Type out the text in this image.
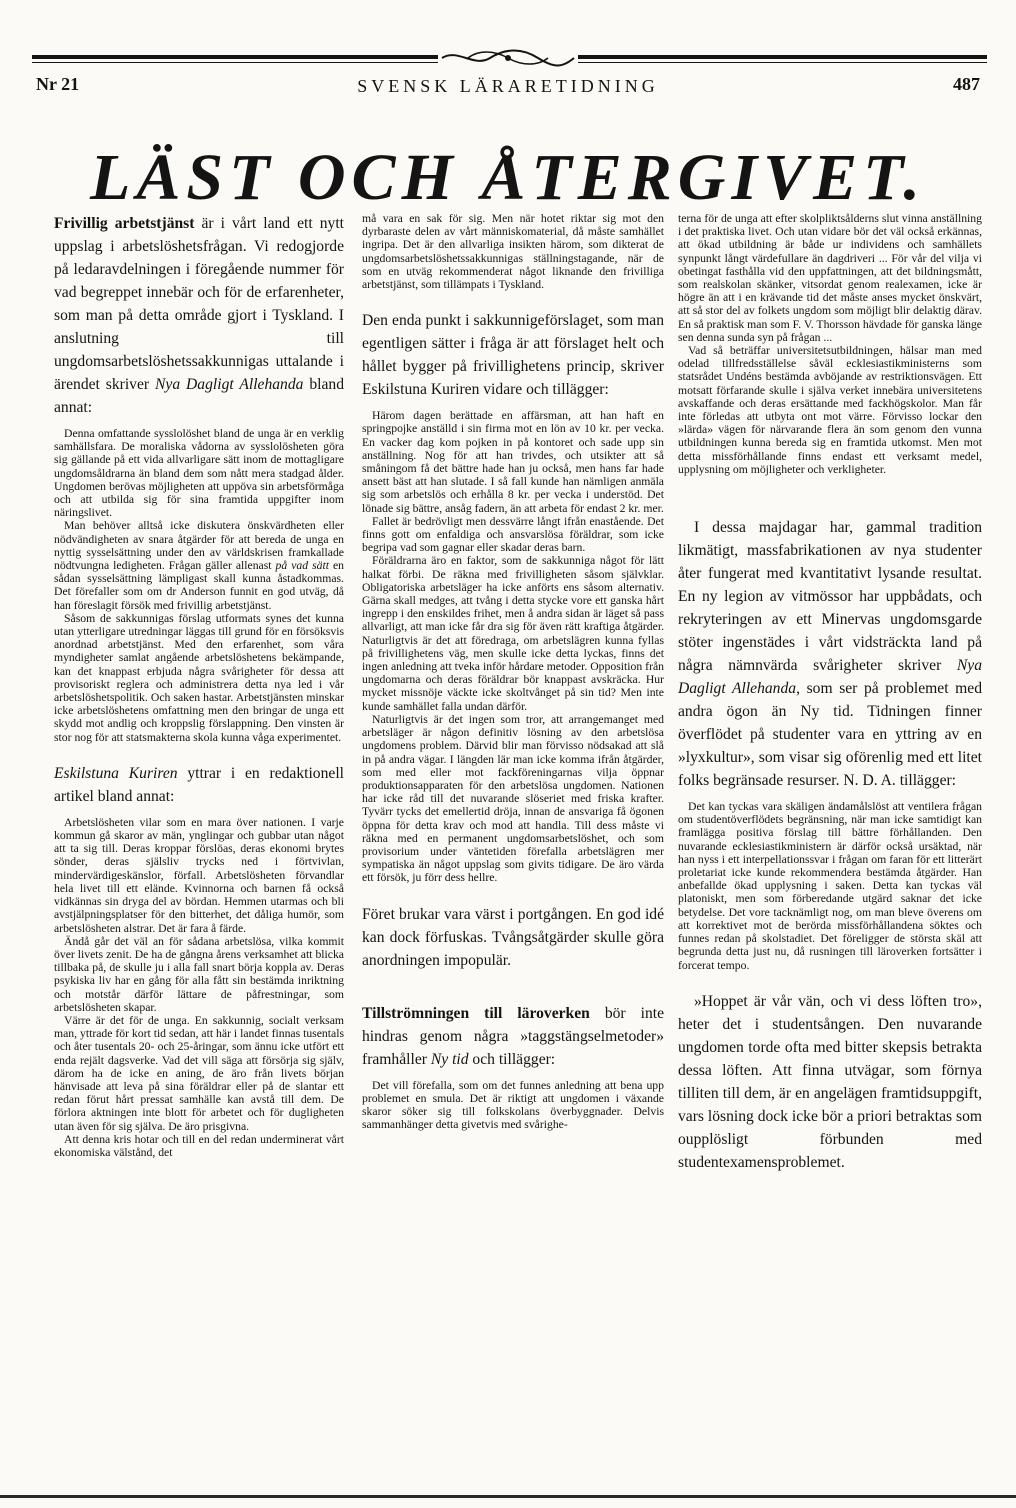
Nr 21	SVENSK LÄRARETIDNING	487
LÄST OCH ÅTERGIVET.

Frivillig arbetstjänst är i vårt land ett nytt uppslag i arbetslöshetsfrågan. Vi redogjorde på ledaravdelningen i föregående nummer för vad begreppet innebär och för de erfarenheter, som man på detta område gjort i Tyskland. I anslutning till ungdomsarbetslöshetssakkunnigas uttalande i ärendet skriver Nya Dagligt Allehanda bland annat:

Denna omfattande sysslolöshet bland de unga är en verklig samhällsfara. De moraliska vådorna av sysslolösheten göra sig gällande på ett vida allvarligare sätt inom de mottagligare ungdomsåldrarna än bland dem som nått mera stadgad ålder. Ungdomen berövas möjligheten att uppöva sin arbetsförmåga och att utbilda sig för sina framtida uppgifter inom näringslivet.

Man behöver alltså icke diskutera önskvärdheten eller nödvändigheten av snara åtgärder för att bereda de unga en nyttig sysselsättning under den av världskrisen framkallade nödtvungna ledigheten. Frågan gäller allenast på vad sätt en sådan sysselsättning lämpligast skall kunna åstadkommas. Det förefaller som om dr Anderson funnit en god utväg, då han föreslagit försök med frivillig arbetstjänst.

Såsom de sakkunnigas förslag utformats synes det kunna utan ytterligare utredningar läggas till grund för en försöksvis anordnad arbetstjänst. Med den erfarenhet, som våra myndigheter samlat angående arbetslöshetens bekämpande, kan det knappast erbjuda några svårigheter för dessa att provisoriskt reglera och administrera detta nya led i vår arbetslöshetspolitik. Och saken hastar. Arbetstjänsten minskar icke arbetslöshetens omfattning men den bringar de unga ett skydd mot andlig och kroppslig förslappning. Den vinsten är stor nog för att statsmakterna skola kunna våga experimentet.

Eskilstuna Kuriren yttrar i en redaktionell artikel bland annat:

Arbetslösheten vilar som en mara över nationen. I varje kommun gå skaror av män, ynglingar och gubbar utan något att ta sig till. Deras kroppar förslöas, deras ekonomi brytes sönder, deras själsliv trycks ned i förtvivlan, mindervärdigeskänslor, förfall. Arbetslösheten förvandlar hela livet till ett elände. Kvinnorna och barnen få också vidkännas sin dryga del av bördan. Hemmen utarmas och bli avstjälpningsplatser för den bitterhet, det dåliga humör, som arbetslösheten alstrar. Det är fara å färde.

Ändå går det väl an för sådana arbetslösa, vilka kommit över livets zenit. De ha de gångna årens verksamhet att blicka tillbaka på, de skulle ju i alla fall snart börja koppla av. Deras psykiska liv har en gång för alla fått sin bestämda inriktning och motstår därför lättare de påfrestningar, som arbetslösheten skapar.

Värre är det för de unga. En sakkunnig, socialt verksam man, yttrade för kort tid sedan, att här i landet finnas tusentals och åter tusentals 20- och 25-åringar, som ännu icke utfört ett enda rejält dagsverke. Vad det vill säga att försörja sig själv, därom ha de icke en aning, de äro från livets början hänvisade att leva på sina föräldrar eller på de slantar ett redan förut hårt pressat samhälle kan avstå till dem. De förlora aktningen inte blott för arbetet och för dugligheten utan även för sig själva. De äro prisgivna.

Att denna kris hotar och till en del redan underminerat vårt ekonomiska välstånd, det

må vara en sak för sig. Men när hotet riktar sig mot den dyrbaraste delen av vårt människomaterial, då måste samhället ingripa. Det är den allvarliga insikten härom, som dikterat de ungdomsarbetslöshetssakkunnigas ställningstagande, när de som en utväg rekommenderat något liknande den frivilliga arbetstjänst, som tillämpats i Tyskland.

Den enda punkt i sakkunnigeförslaget, som man egentligen sätter i fråga är att förslaget helt och hållet bygger på frivillighetens princip, skriver Eskilstuna Kuriren vidare och tillägger:

Härom dagen berättade en affärsman, att han haft en springpojke anställd i sin firma mot en lön av 10 kr. per vecka. En vacker dag kom pojken in på kontoret och sade upp sin anställning. Nog för att han trivdes, och utsikter att så småningom få det bättre hade han ju också, men hans far hade ansett bäst att han slutade. I så fall kunde han nämligen anmäla sig som arbetslös och erhålla 8 kr. per vecka i understöd. Det lönade sig bättre, ansåg fadern, än att arbeta för endast 2 kr. mer.

Fallet är bedrövligt men dessvärre långt ifrån enastående. Det finns gott om enfaldiga och ansvarslösa föräldrar, som icke begripa vad som gagnar eller skadar deras barn.

Föräldrarna äro en faktor, som de sakkunniga något för lätt halkat förbi. De räkna med frivilligheten såsom självklar. Obligatoriska arbetsläger ha icke anförts ens såsom alternativ. Gärna skall medges, att tvång i detta stycke vore ett ganska hårt ingrepp i den enskildes frihet, men å andra sidan är läget så pass allvarligt, att man icke får dra sig för även rätt kraftiga åtgärder. Naturligtvis är det att föredraga, om arbetslägren kunna fyllas på frivillighetens väg, men skulle icke detta lyckas, finns det ingen anledning att tveka inför hårdare metoder. Opposition från ungdomarna och deras föräldrar bör knappast avskräcka. Hur mycket missnöje väckte icke skoltvånget på sin tid? Men inte kunde samhället falla undan därför.

Naturligtvis är det ingen som tror, att arrangemanget med arbetsläger är någon definitiv lösning av den arbetslösa ungdomens problem. Därvid blir man förvisso nödsakad att slå in på andra vägar. I längden lär man icke komma ifrån åtgärder, som med eller mot fackföreningarnas vilja öppnar produktionsapparaten för den arbetslösa ungdomen. Nationen har icke råd till det nuvarande slöseriet med friska krafter. Tyvärr tycks det emellertid dröja, innan de ansvariga få ögonen öppna för detta krav och mod att handla. Till dess måste vi räkna med en permanent ungdomsarbetslöshet, och som provisorium under väntetiden förefalla arbetslägren mer sympatiska än något uppslag som givits tidigare. De äro värda ett försök, ju förr dess hellre.

Föret brukar vara värst i portgången. En god idé kan dock förfuskas. Tvångsåtgärder skulle göra anordningen impopulär.

Tillströmningen till läroverken bör inte hindras genom några »taggstängselmetoder» framhåller Ny tid och tillägger:

Det vill förefalla, som om det funnes anledning att bena upp problemet en smula. Det är riktigt att ungdomen i växande skaror söker sig till folkskolans överbyggnader. Delvis sammanhänger detta givetvis med svårighe-

terna för de unga att efter skolpliktsålderns slut vinna anställning i det praktiska livet. Och utan vidare bör det väl också erkännas, att ökad utbildning är både ur individens och samhällets synpunkt långt värdefullare än dagdriveri ... För vår del vilja vi obetingat fasthålla vid den uppfattningen, att det bildningsmått, som realskolan skänker, vitsordat genom realexamen, icke är högre än att i en krävande tid det måste anses mycket önskvärt, att så stor del av folkets ungdom som möjligt blir delaktig därav. En så praktisk man som F. V. Thorsson hävdade för ganska länge sen denna sunda syn på frågan ...

Vad så beträffar universitetsutbildningen, hälsar man med odelad tillfredsställelse såväl ecklesiastikministerns som statsrådet Undéns bestämda avböjande av restriktionsvägen. Ett motsatt förfarande skulle i själva verket innebära universitetens avskaffande och deras ersättande med fackhögskolor. Man får inte förledas att utbyta ont mot värre. Förvisso lockar den »lärda» vägen för närvarande flera än som genom den vunna utbildningen kunna bereda sig en framtida utkomst. Men mot detta missförhållande finns endast ett verksamt medel, upplysning om möjligheter och verkligheter.

I dessa majdagar har, gammal tradition likmätigt, massfabrikationen av nya studenter åter fungerat med kvantitativt lysande resultat. En ny legion av vitmössor har uppbådats, och rekryteringen av ett Minervas ungdomsgarde stöter ingenstädes i vårt vidsträckta land på några nämnvärda svårigheter skriver Nya Dagligt Allehanda, som ser på problemet med andra ögon än Ny tid. Tidningen finner överflödet på studenter vara en yttring av en »lyxkultur», som visar sig oförenlig med ett litet folks begränsade resurser. N. D. A. tillägger:

Det kan tyckas vara skäligen ändamålslöst att ventilera frågan om studentöverflödets begränsning, när man icke samtidigt kan framlägga positiva förslag till bättre förhållanden. Den nuvarande ecklesiastikministern är därför också ursäktad, när han nyss i ett interpellationssvar i frågan om faran för ett litterärt proletariat icke kunde rekommendera bestämda åtgärder. Han anbefallde ökad upplysning i saken. Detta kan tyckas väl platoniskt, men som förberedande utgärd saknar det icke betydelse. Det vore tacknämligt nog, om man bleve överens om att korrektivet mot de berörda missförhållandena söktes och funnes redan på skolstadiet. Det föreligger de största skäl att begrunda detta just nu, då rusningen till läroverken fortsätter i forcerat tempo.

»Hoppet är vår vän, och vi dess löften tro», heter det i studentsången. Den nuvarande ungdomen torde ofta med bitter skepsis betrakta dessa löften. Att finna utvägar, som förnya tilliten till dem, är en angelägen framtidsuppgift, vars lösning dock icke bör a priori betraktas som oupplösligt förbunden med studentexamensproblemet.
